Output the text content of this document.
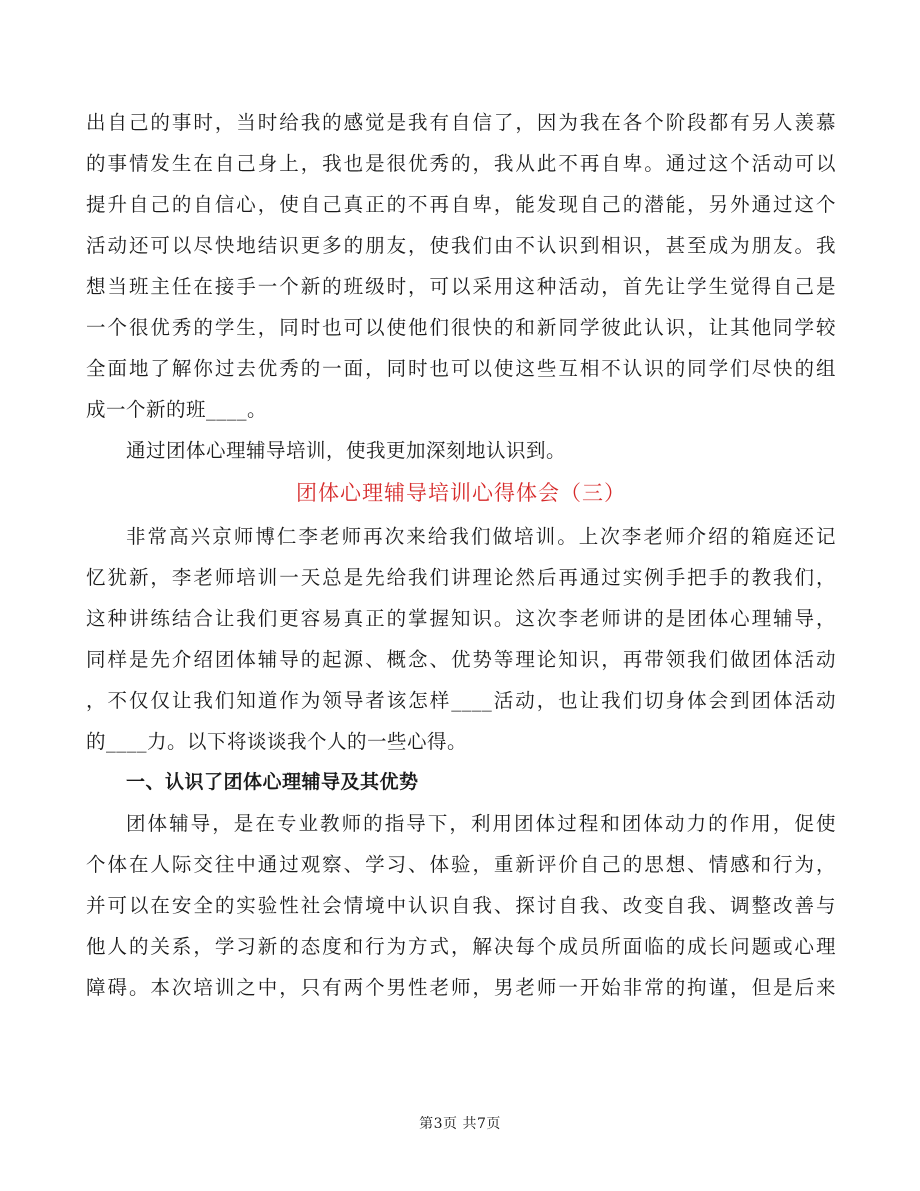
出自己的事时，当时给我的感觉是我有自信了，因为我在各个阶段都有另人羡慕
的事情发生在自己身上，我也是很优秀的，我从此不再自卑。通过这个活动可以
提升自己的自信心，使自己真正的不再自卑，能发现自己的潜能，另外通过这个
活动还可以尽快地结识更多的朋友，使我们由不认识到相识，甚至成为朋友。我
想当班主任在接手一个新的班级时，可以采用这种活动，首先让学生觉得自己是
一个很优秀的学生，同时也可以使他们很快的和新同学彼此认识，让其他同学较
全面地了解你过去优秀的一面，同时也可以使这些互相不认识的同学们尽快的组
成一个新的班____。
通过团体心理辅导培训，使我更加深刻地认识到。
团体心理辅导培训心得体会（三）
非常高兴京师博仁李老师再次来给我们做培训。上次李老师介绍的箱庭还记
忆犹新，李老师培训一天总是先给我们讲理论然后再通过实例手把手的教我们，
这种讲练结合让我们更容易真正的掌握知识。这次李老师讲的是团体心理辅导，
同样是先介绍团体辅导的起源、概念、优势等理论知识，再带领我们做团体活动
，不仅仅让我们知道作为领导者该怎样____活动，也让我们切身体会到团体活动
的____力。以下将谈谈我个人的一些心得。
一、认识了团体心理辅导及其优势
团体辅导，是在专业教师的指导下，利用团体过程和团体动力的作用，促使
个体在人际交往中通过观察、学习、体验，重新评价自己的思想、情感和行为，
并可以在安全的实验性社会情境中认识自我、探讨自我、改变自我、调整改善与
他人的关系，学习新的态度和行为方式，解决每个成员所面临的成长问题或心理
障碍。本次培训之中，只有两个男性老师，男老师一开始非常的拘谨，但是后来
第3页 共7页
